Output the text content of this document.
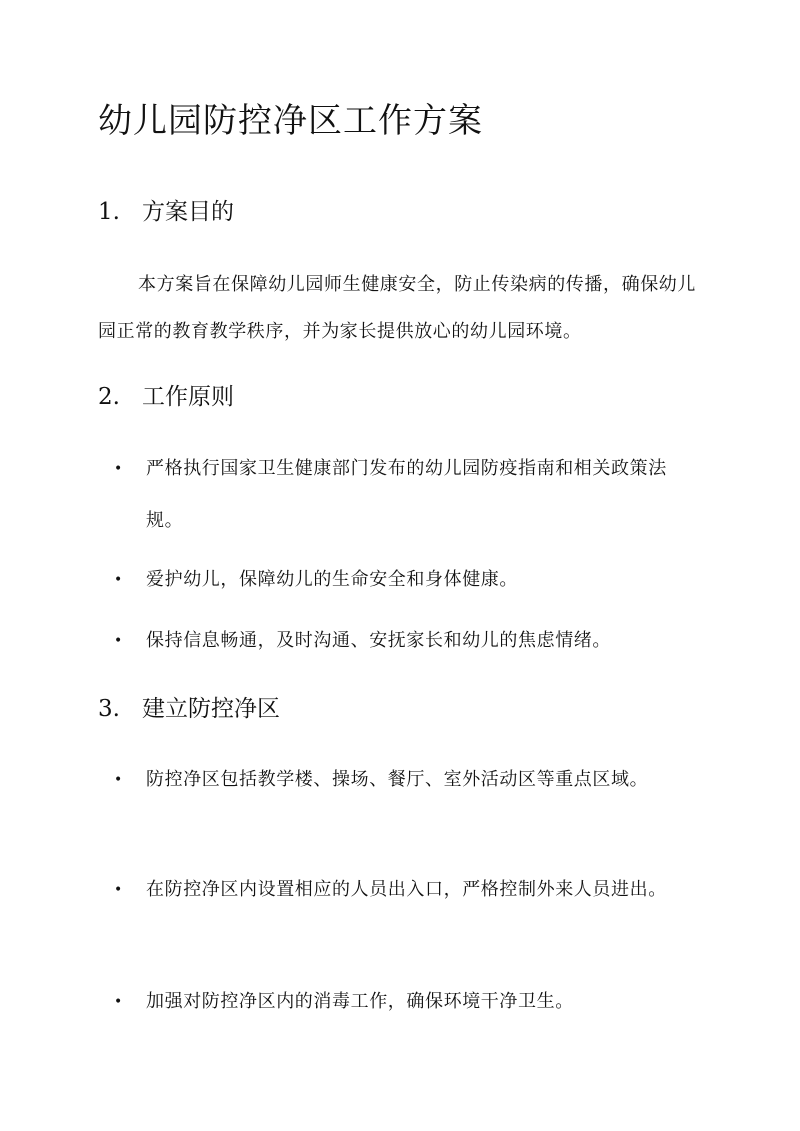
幼儿园防控净区工作方案
1. 方案目的

本方案旨在保障幼儿园师生健康安全，防止传染病的传播，确保幼儿园正常的教育教学秩序，并为家长提供放心的幼儿园环境。

2. 工作原则
• 严格执行国家卫生健康部门发布的幼儿园防疫指南和相关政策法规。
• 爱护幼儿，保障幼儿的生命安全和身体健康。
• 保持信息畅通，及时沟通、安抚家长和幼儿的焦虑情绪。
3. 建立防控净区
• 防控净区包括教学楼、操场、餐厅、室外活动区等重点区域。
• 在防控净区内设置相应的人员出入口，严格控制外来人员进出。
• 加强对防控净区内的消毒工作，确保环境干净卫生。
